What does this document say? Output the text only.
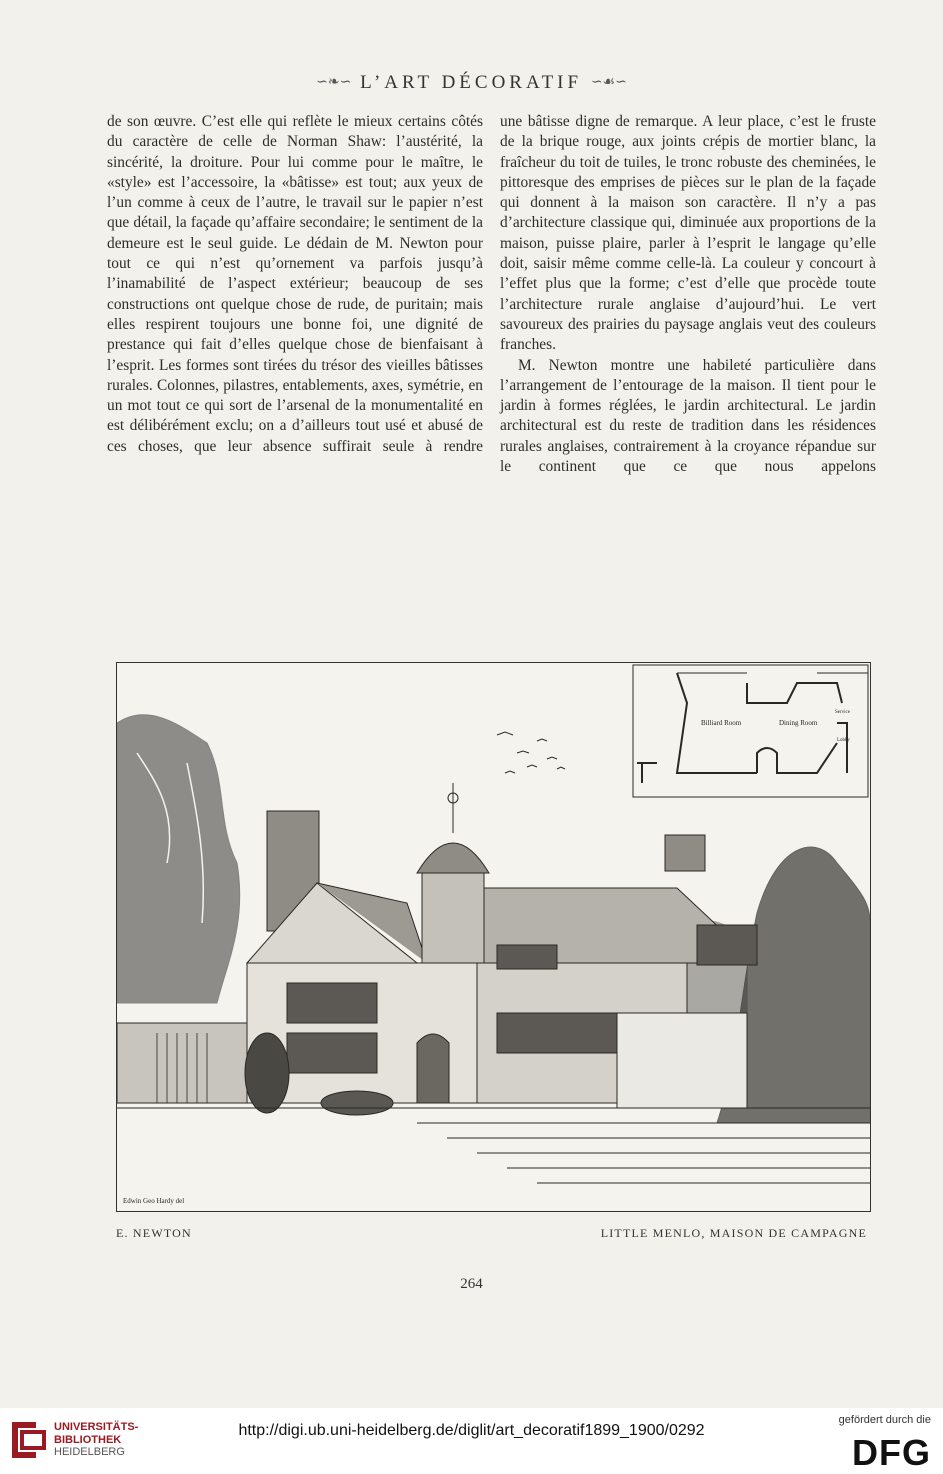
∽❧∽ L’ART DÉCORATIF ∽☙∽

de son œuvre. C’est elle qui reflète le mieux certains côtés du caractère de celle de Norman Shaw: l’austérité, la sincérité, la droiture. Pour lui comme pour le maître, le «style» est l’accessoire, la «bâtisse» est tout; aux yeux de l’un comme à ceux de l’autre, le travail sur le papier n’est que détail, la façade qu’affaire secondaire; le sentiment de la demeure est le seul guide. Le dédain de M. Newton pour tout ce qui n’est qu’ornement va parfois jusqu’à l’inamabilité de l’aspect extérieur; beaucoup de ses constructions ont quelque chose de rude, de puritain; mais elles respirent toujours une bonne foi, une dignité de prestance qui fait d’elles quelque chose de bienfaisant à l’esprit. Les formes sont tirées du trésor des vieilles bâtisses rurales. Colonnes, pilastres, entablements, axes, symétrie, en un mot tout ce qui sort de l’arsenal de la monumentalité en est délibérément exclu; on a d’ailleurs tout usé et abusé de ces choses, que leur absence suffirait seule à rendre

une bâtisse digne de remarque. A leur place, c’est le fruste de la brique rouge, aux joints crépis de mortier blanc, la fraîcheur du toit de tuiles, le tronc robuste des cheminées, le pittoresque des emprises de pièces sur le plan de la façade qui donnent à la maison son caractère. Il n’y a pas d’architecture classique qui, diminuée aux proportions de la maison, puisse plaire, parler à l’esprit le langage qu’elle doit, saisir même comme celle-là. La couleur y concourt à l’effet plus que la forme; c’est d’elle que procède toute l’architecture rurale anglaise d’aujourd’hui. Le vert savoureux des prairies du paysage anglais veut des couleurs franches.

M. Newton montre une habileté particulière dans l’arrangement de l’entourage de la maison. Il tient pour le jardin à formes réglées, le jardin architectural. Le jardin architectural est du reste de tradition dans les résidences rurales anglaises, contrairement à la croyance répandue sur le continent que ce que nous appelons

Billiard Room	Dining Room
Service
Lobby
Edwin Geo Hardy del
E. NEWTON	LITTLE MENLO, MAISON DE CAMPAGNE
264
UNIVERSITÄTS-
BIBLIOTHEK
HEIDELBERG
http://digi.ub.uni-heidelberg.de/diglit/art_decoratif1899_1900/0292
gefördert durch die
DFG
